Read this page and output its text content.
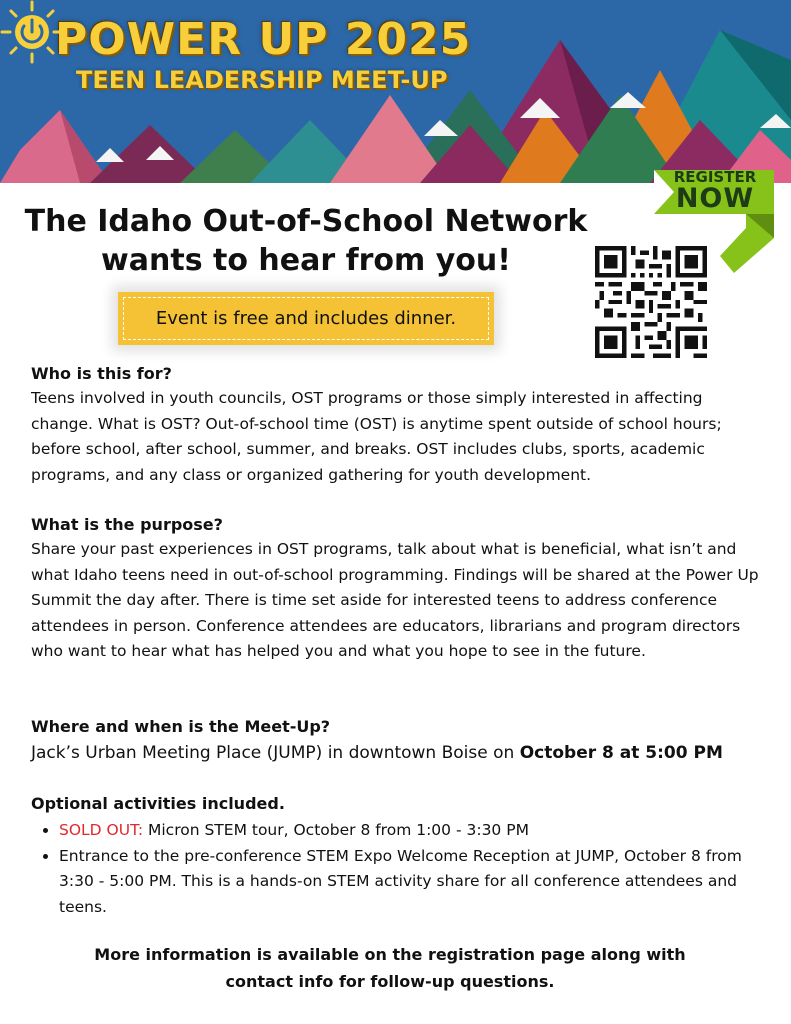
POWER UP 2025
TEEN LEADERSHIP MEET-UP
REGISTER
NOW
The Idaho Out-of-School Network wants to hear from you!
Event is free and includes dinner.
Who is this for?

Teens involved in youth councils, OST programs or those simply interested in affecting change. What is OST? Out-of-school time (OST) is anytime spent outside of school hours; before school, after school, summer, and breaks. OST includes clubs, sports, academic programs, and any class or organized gathering for youth development.

What is the purpose?

Share your past experiences in OST programs, talk about what is beneficial, what isn’t and what Idaho teens need in out-of-school programming. Findings will be shared at the Power Up Summit the day after. There is time set aside for interested teens to address conference attendees in person. Conference attendees are educators, librarians and program directors who want to hear what has helped you and what you hope to see in the future.

Where and when is the Meet-Up?

Jack’s Urban Meeting Place (JUMP) in downtown Boise on October 8 at 5:00 PM

Optional activities included.
• SOLD OUT: Micron STEM tour, October 8 from 1:00 - 3:30 PM
• Entrance to the pre-conference STEM Expo Welcome Reception at JUMP, October 8 from 3:30 - 5:00 PM. This is a hands-on STEM activity share for all conference attendees and teens.
More information is available on the registration page along with contact info for follow-up questions.
